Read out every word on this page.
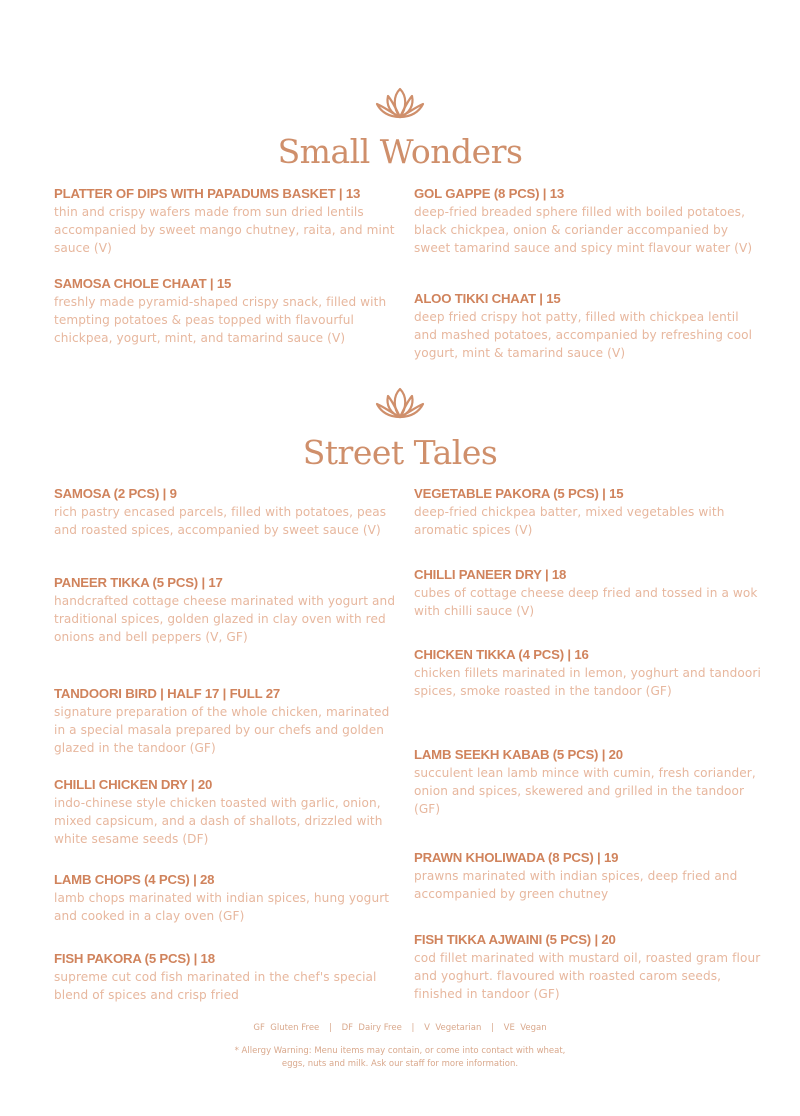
Small Wonders
PLATTER OF DIPS WITH PAPADUMS BASKET | 13
thin and crispy wafers made from sun dried lentils accompanied by sweet mango chutney, raita, and mint sauce (V)
GOL GAPPE (8 PCS) | 13
deep-fried breaded sphere filled with boiled potatoes, black chickpea, onion & coriander accompanied by sweet tamarind sauce and spicy mint flavour water (V)
SAMOSA CHOLE CHAAT | 15
freshly made pyramid-shaped crispy snack, filled with tempting potatoes & peas topped with flavourful chickpea, yogurt, mint, and tamarind sauce (V)
ALOO TIKKI CHAAT | 15
deep fried crispy hot patty, filled with chickpea lentil and mashed potatoes, accompanied by refreshing cool yogurt, mint & tamarind sauce (V)
Street Tales
SAMOSA (2 PCS) | 9
rich pastry encased parcels, filled with potatoes, peas and roasted spices, accompanied by sweet sauce (V)
PANEER TIKKA (5 PCS) | 17
handcrafted cottage cheese marinated with yogurt and traditional spices, golden glazed in clay oven with red onions and bell peppers (V, GF)
TANDOORI BIRD | HALF 17 | FULL 27
signature preparation of the whole chicken, marinated in a special masala prepared by our chefs and golden glazed in the tandoor (GF)
CHILLI CHICKEN DRY | 20
indo-chinese style chicken toasted with garlic, onion, mixed capsicum, and a dash of shallots, drizzled with white sesame seeds (DF)
LAMB CHOPS (4 PCS) | 28
lamb chops marinated with indian spices, hung yogurt and cooked in a clay oven (GF)
FISH PAKORA (5 PCS) | 18
supreme cut cod fish marinated in the chef's special blend of spices and crisp fried
VEGETABLE PAKORA (5 PCS) | 15
deep-fried chickpea batter, mixed vegetables with aromatic spices (V)
CHILLI PANEER DRY | 18
cubes of cottage cheese deep fried and tossed in a wok with chilli sauce (V)
CHICKEN TIKKA (4 PCS) | 16
chicken fillets marinated in lemon, yoghurt and tandoori spices, smoke roasted in the tandoor (GF)
LAMB SEEKH KABAB (5 PCS) | 20
succulent lean lamb mince with cumin, fresh coriander, onion and spices, skewered and grilled in the tandoor (GF)
PRAWN KHOLIWADA (8 PCS) | 19
prawns marinated with indian spices, deep fried and accompanied by green chutney
FISH TIKKA AJWAINI (5 PCS) | 20
cod fillet marinated with mustard oil, roasted gram flour and yoghurt. flavoured with roasted carom seeds, finished in tandoor (GF)
GF Gluten Free | DF Dairy Free | V Vegetarian | VE Vegan
* Allergy Warning: Menu items may contain, or come into contact with wheat,
eggs, nuts and milk. Ask our staff for more information.
